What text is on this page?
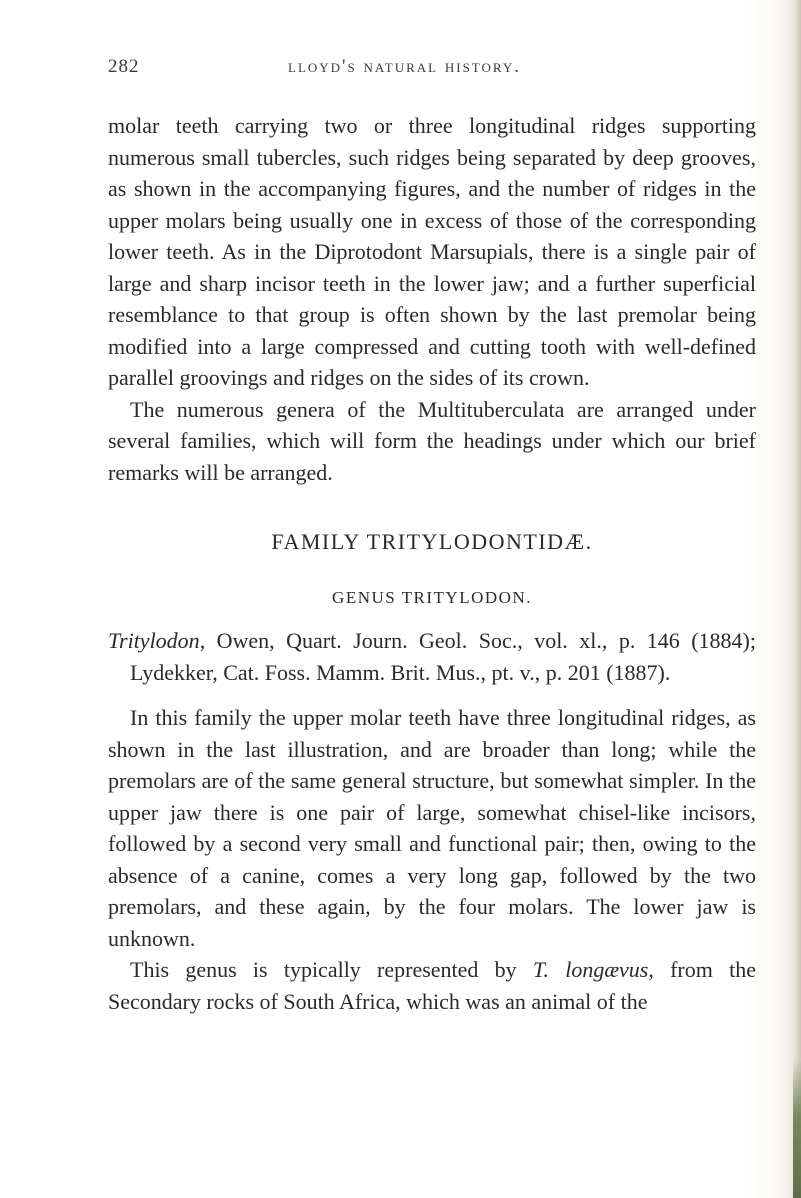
282	lloyd's natural history.

molar teeth carrying two or three longitudinal ridges supporting numerous small tubercles, such ridges being separated by deep grooves, as shown in the accompanying figures, and the number of ridges in the upper molars being usually one in excess of those of the corresponding lower teeth. As in the Diprotodont Marsupials, there is a single pair of large and sharp incisor teeth in the lower jaw; and a further superficial resemblance to that group is often shown by the last premolar being modified into a large compressed and cutting tooth with well-defined parallel groovings and ridges on the sides of its crown.

The numerous genera of the Multituberculata are arranged under several families, which will form the headings under which our brief remarks will be arranged.

FAMILY TRITYLODONTIDÆ.

GENUS TRITYLODON.

Tritylodon, Owen, Quart. Journ. Geol. Soc., vol. xl., p. 146 (1884); Lydekker, Cat. Foss. Mamm. Brit. Mus., pt. v., p. 201 (1887).

In this family the upper molar teeth have three longitudinal ridges, as shown in the last illustration, and are broader than long; while the premolars are of the same general structure, but somewhat simpler. In the upper jaw there is one pair of large, somewhat chisel-like incisors, followed by a second very small and functional pair; then, owing to the absence of a canine, comes a very long gap, followed by the two premolars, and these again, by the four molars. The lower jaw is unknown.

This genus is typically represented by T. longævus, from the Secondary rocks of South Africa, which was an animal of the
